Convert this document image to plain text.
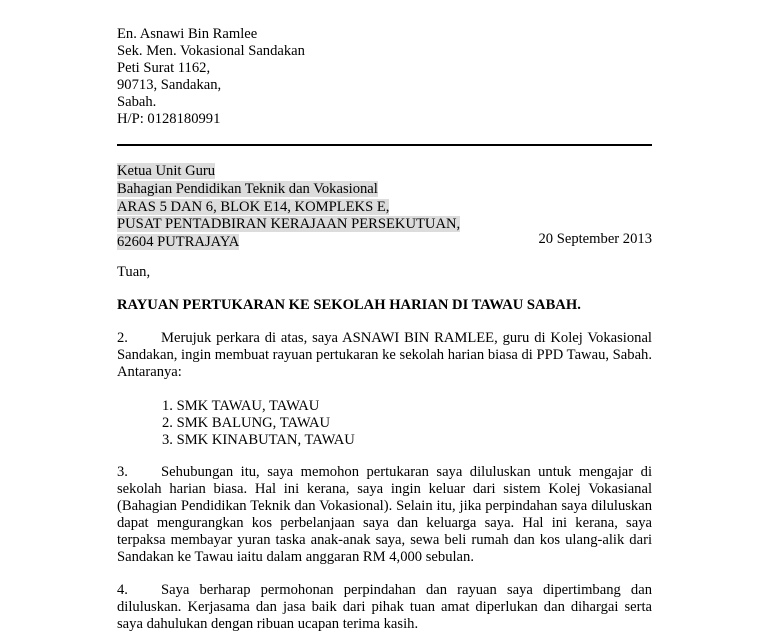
En. Asnawi Bin Ramlee
Sek. Men. Vokasional Sandakan
Peti Surat 1162,
90713, Sandakan,
Sabah.
H/P: 0128180991
Ketua Unit Guru
Bahagian Pendidikan Teknik dan Vokasional
ARAS 5 DAN 6, BLOK E14, KOMPLEKS E,
PUSAT PENTADBIRAN KERAJAAN PERSEKUTUAN,
62604 PUTRAJAYA	20 September 2013
Tuan,
RAYUAN PERTUKARAN KE SEKOLAH HARIAN DI TAWAU SABAH.
2. Merujuk perkara di atas, saya ASNAWI BIN RAMLEE, guru di Kolej Vokasional Sandakan, ingin membuat rayuan pertukaran ke sekolah harian biasa di PPD Tawau, Sabah. Antaranya:
1. SMK TAWAU, TAWAU
2. SMK BALUNG, TAWAU
3. SMK KINABUTAN, TAWAU
3. Sehubungan itu, saya memohon pertukaran saya diluluskan untuk mengajar di sekolah harian biasa. Hal ini kerana, saya ingin keluar dari sistem Kolej Vokasianal (Bahagian Pendidikan Teknik dan Vokasional). Selain itu, jika perpindahan saya diluluskan dapat mengurangkan kos perbelanjaan saya dan keluarga saya. Hal ini kerana, saya terpaksa membayar yuran taska anak-anak saya, sewa beli rumah dan kos ulang-alik dari Sandakan ke Tawau iaitu dalam anggaran RM 4,000 sebulan.
4. Saya berharap permohonan perpindahan dan rayuan saya dipertimbang dan diluluskan. Kerjasama dan jasa baik dari pihak tuan amat diperlukan dan dihargai serta saya dahulukan dengan ribuan ucapan terima kasih.
